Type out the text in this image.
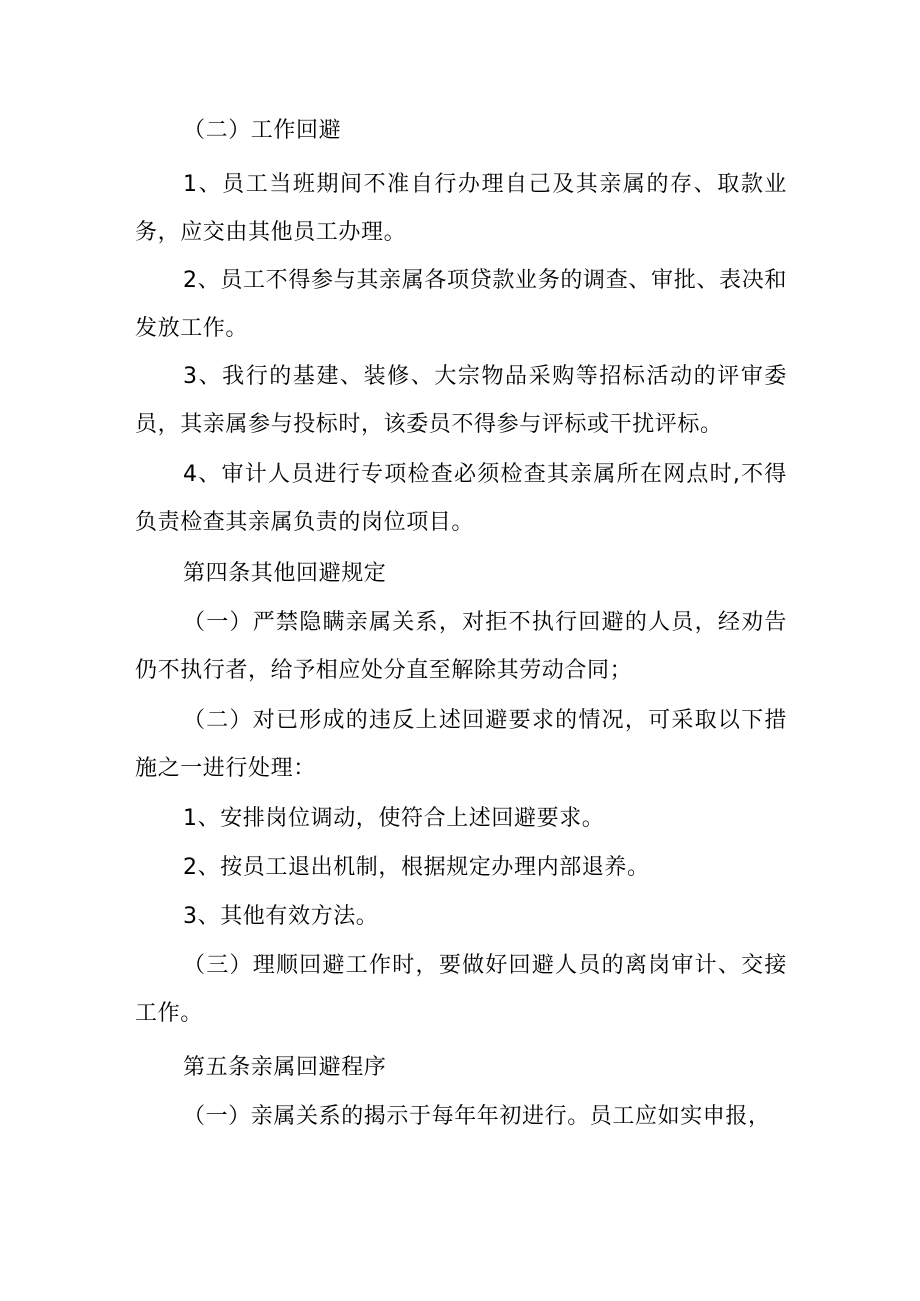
（二）工作回避

1、员工当班期间不准自行办理自己及其亲属的存、取款业务，应交由其他员工办理。

2、员工不得参与其亲属各项贷款业务的调查、审批、表决和发放工作。

3、我行的基建、装修、大宗物品采购等招标活动的评审委员，其亲属参与投标时，该委员不得参与评标或干扰评标。

4、审计人员进行专项检查必须检查其亲属所在网点时,不得负责检查其亲属负责的岗位项目。

第四条其他回避规定

（一）严禁隐瞒亲属关系，对拒不执行回避的人员，经劝告仍不执行者，给予相应处分直至解除其劳动合同；

（二）对已形成的违反上述回避要求的情况，可采取以下措施之一进行处理：

1、安排岗位调动，使符合上述回避要求。

2、按员工退出机制，根据规定办理内部退养。

3、其他有效方法。

（三）理顺回避工作时，要做好回避人员的离岗审计、交接工作。

第五条亲属回避程序

（一）亲属关系的揭示于每年年初进行。员工应如实申报，
